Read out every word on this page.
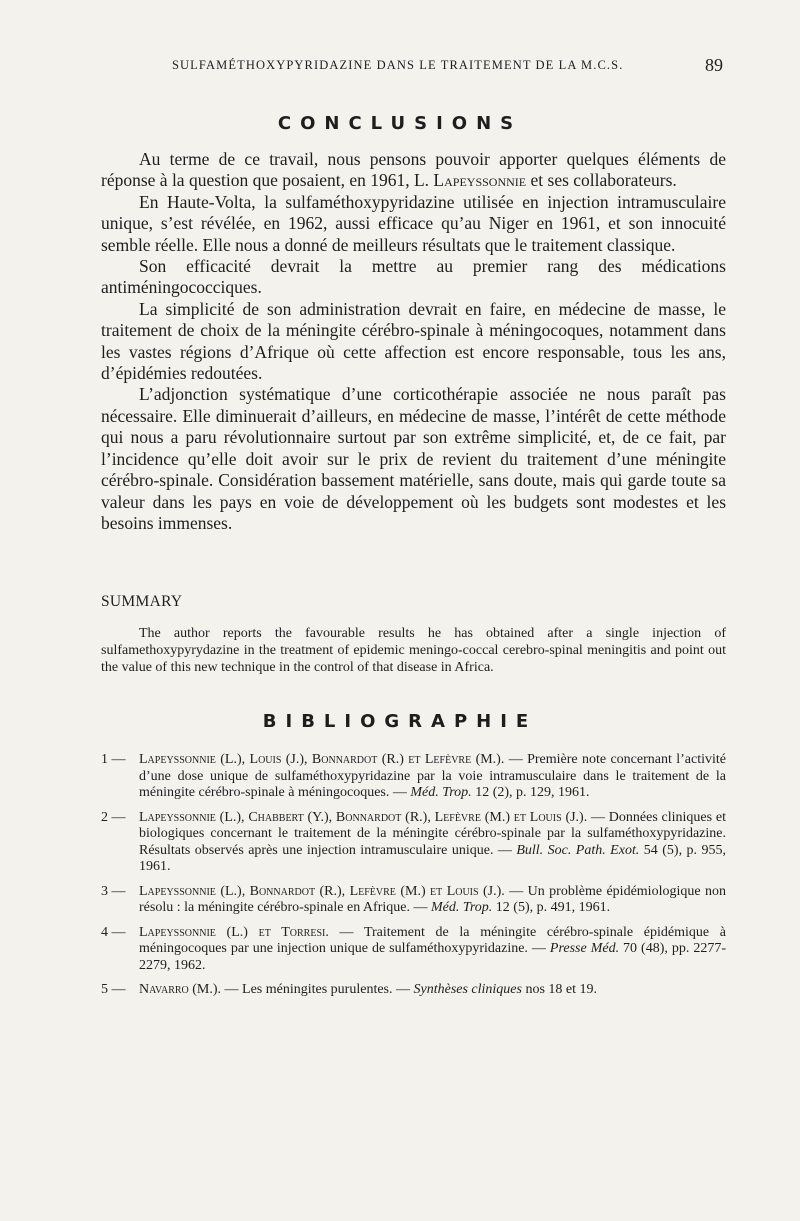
SULFAMÉTHOXYPYRIDAZINE DANS LE TRAITEMENT DE LA M.C.S.	89
CONCLUSIONS

Au terme de ce travail, nous pensons pouvoir apporter quelques éléments de réponse à la question que posaient, en 1961, L. Lapeyssonnie et ses collaborateurs.

En Haute-Volta, la sulfaméthoxypyridazine utilisée en injection intramusculaire unique, s’est révélée, en 1962, aussi efficace qu’au Niger en 1961, et son innocuité semble réelle. Elle nous a donné de meilleurs résultats que le traitement classique.

Son efficacité devrait la mettre au premier rang des médications antiméningococciques.

La simplicité de son administration devrait en faire, en médecine de masse, le traitement de choix de la méningite cérébro-spinale à méningocoques, notamment dans les vastes régions d’Afrique où cette affection est encore responsable, tous les ans, d’épidémies redoutées.

L’adjonction systématique d’une corticothérapie associée ne nous paraît pas nécessaire. Elle diminuerait d’ailleurs, en médecine de masse, l’intérêt de cette méthode qui nous a paru révolutionnaire surtout par son extrême simplicité, et, de ce fait, par l’incidence qu’elle doit avoir sur le prix de revient du traitement d’une méningite cérébro-spinale. Considération bassement matérielle, sans doute, mais qui garde toute sa valeur dans les pays en voie de développement où les budgets sont modestes et les besoins immenses.

SUMMARY

The author reports the favourable results he has obtained after a single injection of sulfamethoxypyrydazine in the treatment of epidemic meningo-coccal cerebro-spinal meningitis and point out the value of this new technique in the control of that disease in Africa.

BIBLIOGRAPHIE
1 — Lapeyssonnie (L.), Louis (J.), Bonnardot (R.) et Lefèvre (M.). — Première note concernant l’activité d’une dose unique de sulfaméthoxypyridazine par la voie intramusculaire dans le traitement de la méningite cérébro-spinale à méningocoques. — Méd. Trop. 12 (2), p. 129, 1961.
2 — Lapeyssonnie (L.), Chabbert (Y.), Bonnardot (R.), Lefèvre (M.) et Louis (J.). — Données cliniques et biologiques concernant le traitement de la méningite cérébro-spinale par la sulfaméthoxypyridazine. Résultats observés après une injection intramusculaire unique. — Bull. Soc. Path. Exot. 54 (5), p. 955, 1961.
3 — Lapeyssonnie (L.), Bonnardot (R.), Lefèvre (M.) et Louis (J.). — Un problème épidémiologique non résolu : la méningite cérébro-spinale en Afrique. — Méd. Trop. 12 (5), p. 491, 1961.
4 — Lapeyssonnie (L.) et Torresi. — Traitement de la méningite cérébro-spinale épidémique à méningocoques par une injection unique de sulfaméthoxypyridazine. — Presse Méd. 70 (48), pp. 2277-2279, 1962.
5 — Navarro (M.). — Les méningites purulentes. — Synthèses cliniques nos 18 et 19.
